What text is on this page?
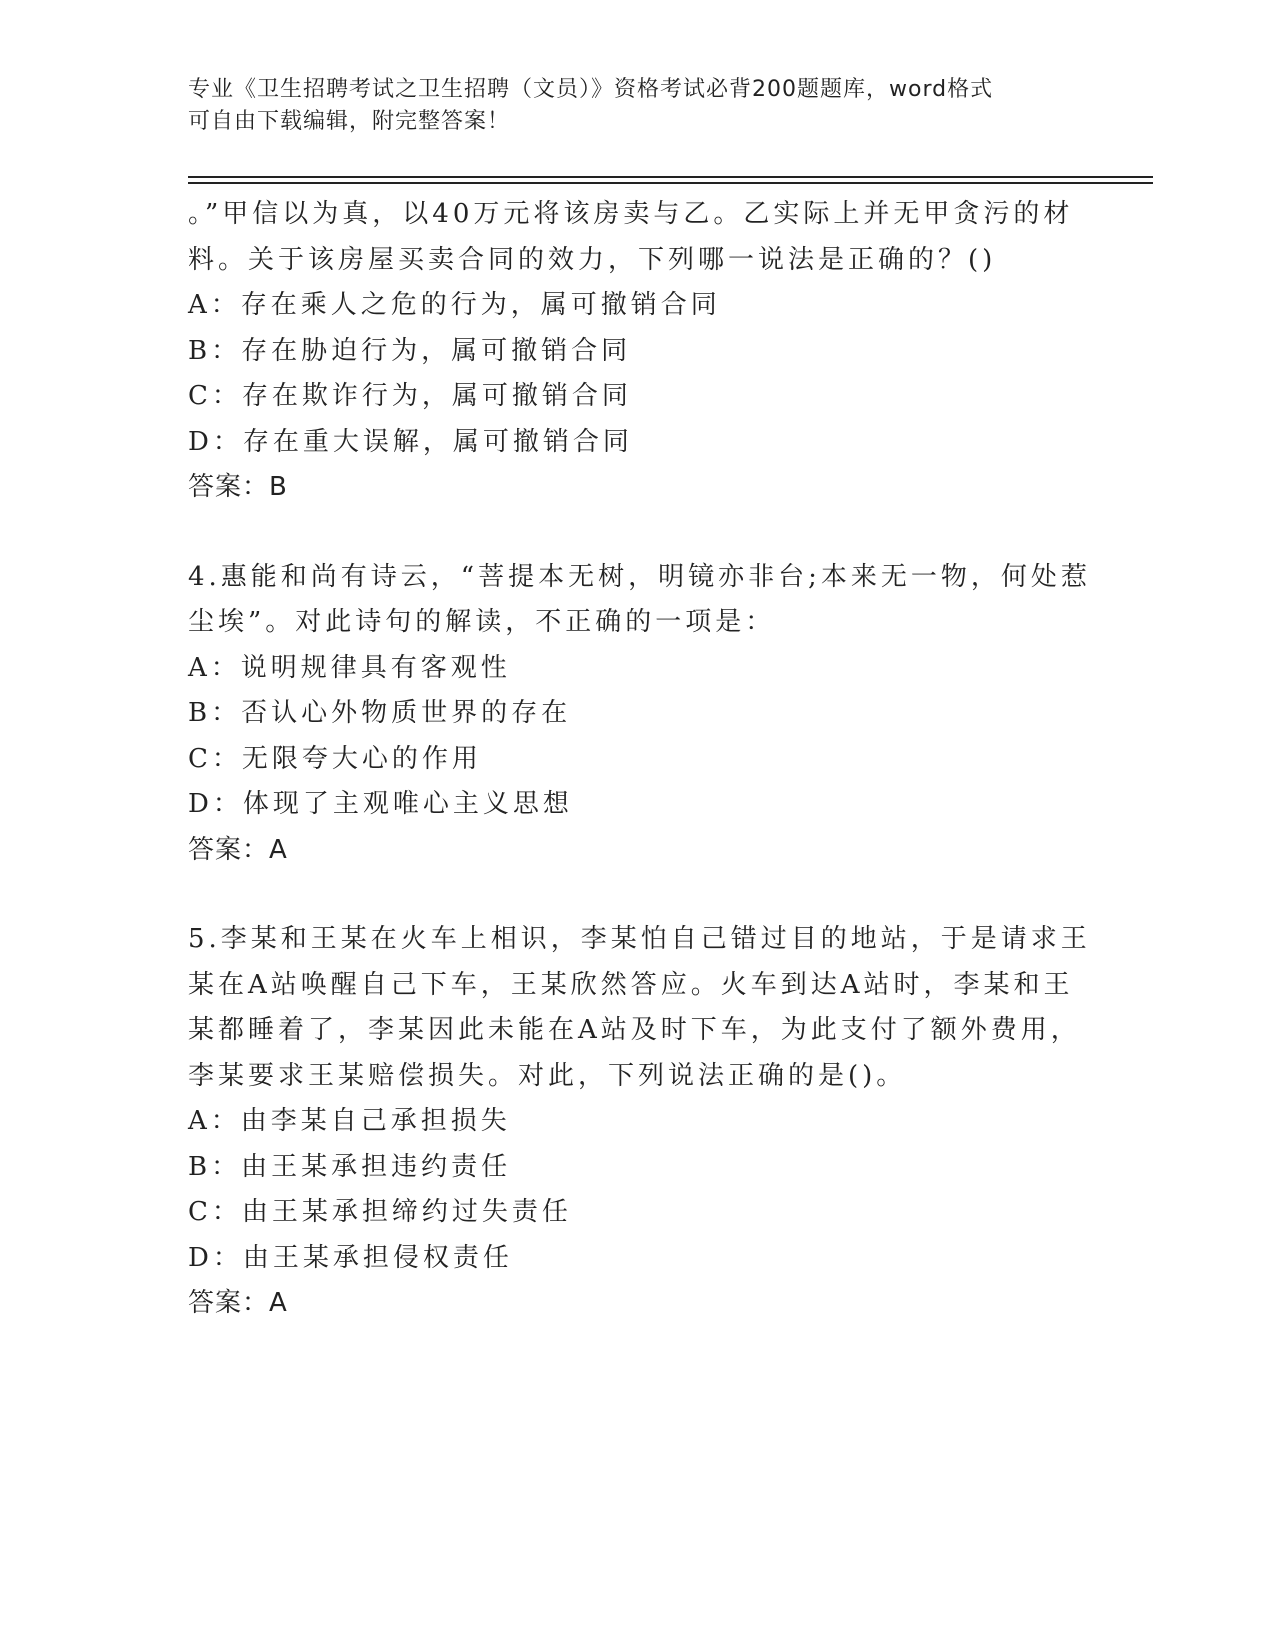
专业《卫生招聘考试之卫生招聘（文员）》资格考试必背200题题库，word格式
可自由下载编辑，附完整答案！
。”甲信以为真，以40万元将该房卖与乙。乙实际上并无甲贪污的材
料。关于该房屋买卖合同的效力，下列哪一说法是正确的？()
A：存在乘人之危的行为，属可撤销合同
B：存在胁迫行为，属可撤销合同
C：存在欺诈行为，属可撤销合同
D：存在重大误解，属可撤销合同
答案：B
4.惠能和尚有诗云，“菩提本无树，明镜亦非台;本来无一物，何处惹
尘埃”。对此诗句的解读，不正确的一项是：
A：说明规律具有客观性
B：否认心外物质世界的存在
C：无限夸大心的作用
D：体现了主观唯心主义思想
答案：A
5.李某和王某在火车上相识，李某怕自己错过目的地站，于是请求王
某在A站唤醒自己下车，王某欣然答应。火车到达A站时，李某和王
某都睡着了，李某因此未能在A站及时下车，为此支付了额外费用，
李某要求王某赔偿损失。对此，下列说法正确的是()。
A：由李某自己承担损失
B：由王某承担违约责任
C：由王某承担缔约过失责任
D：由王某承担侵权责任
答案：A
